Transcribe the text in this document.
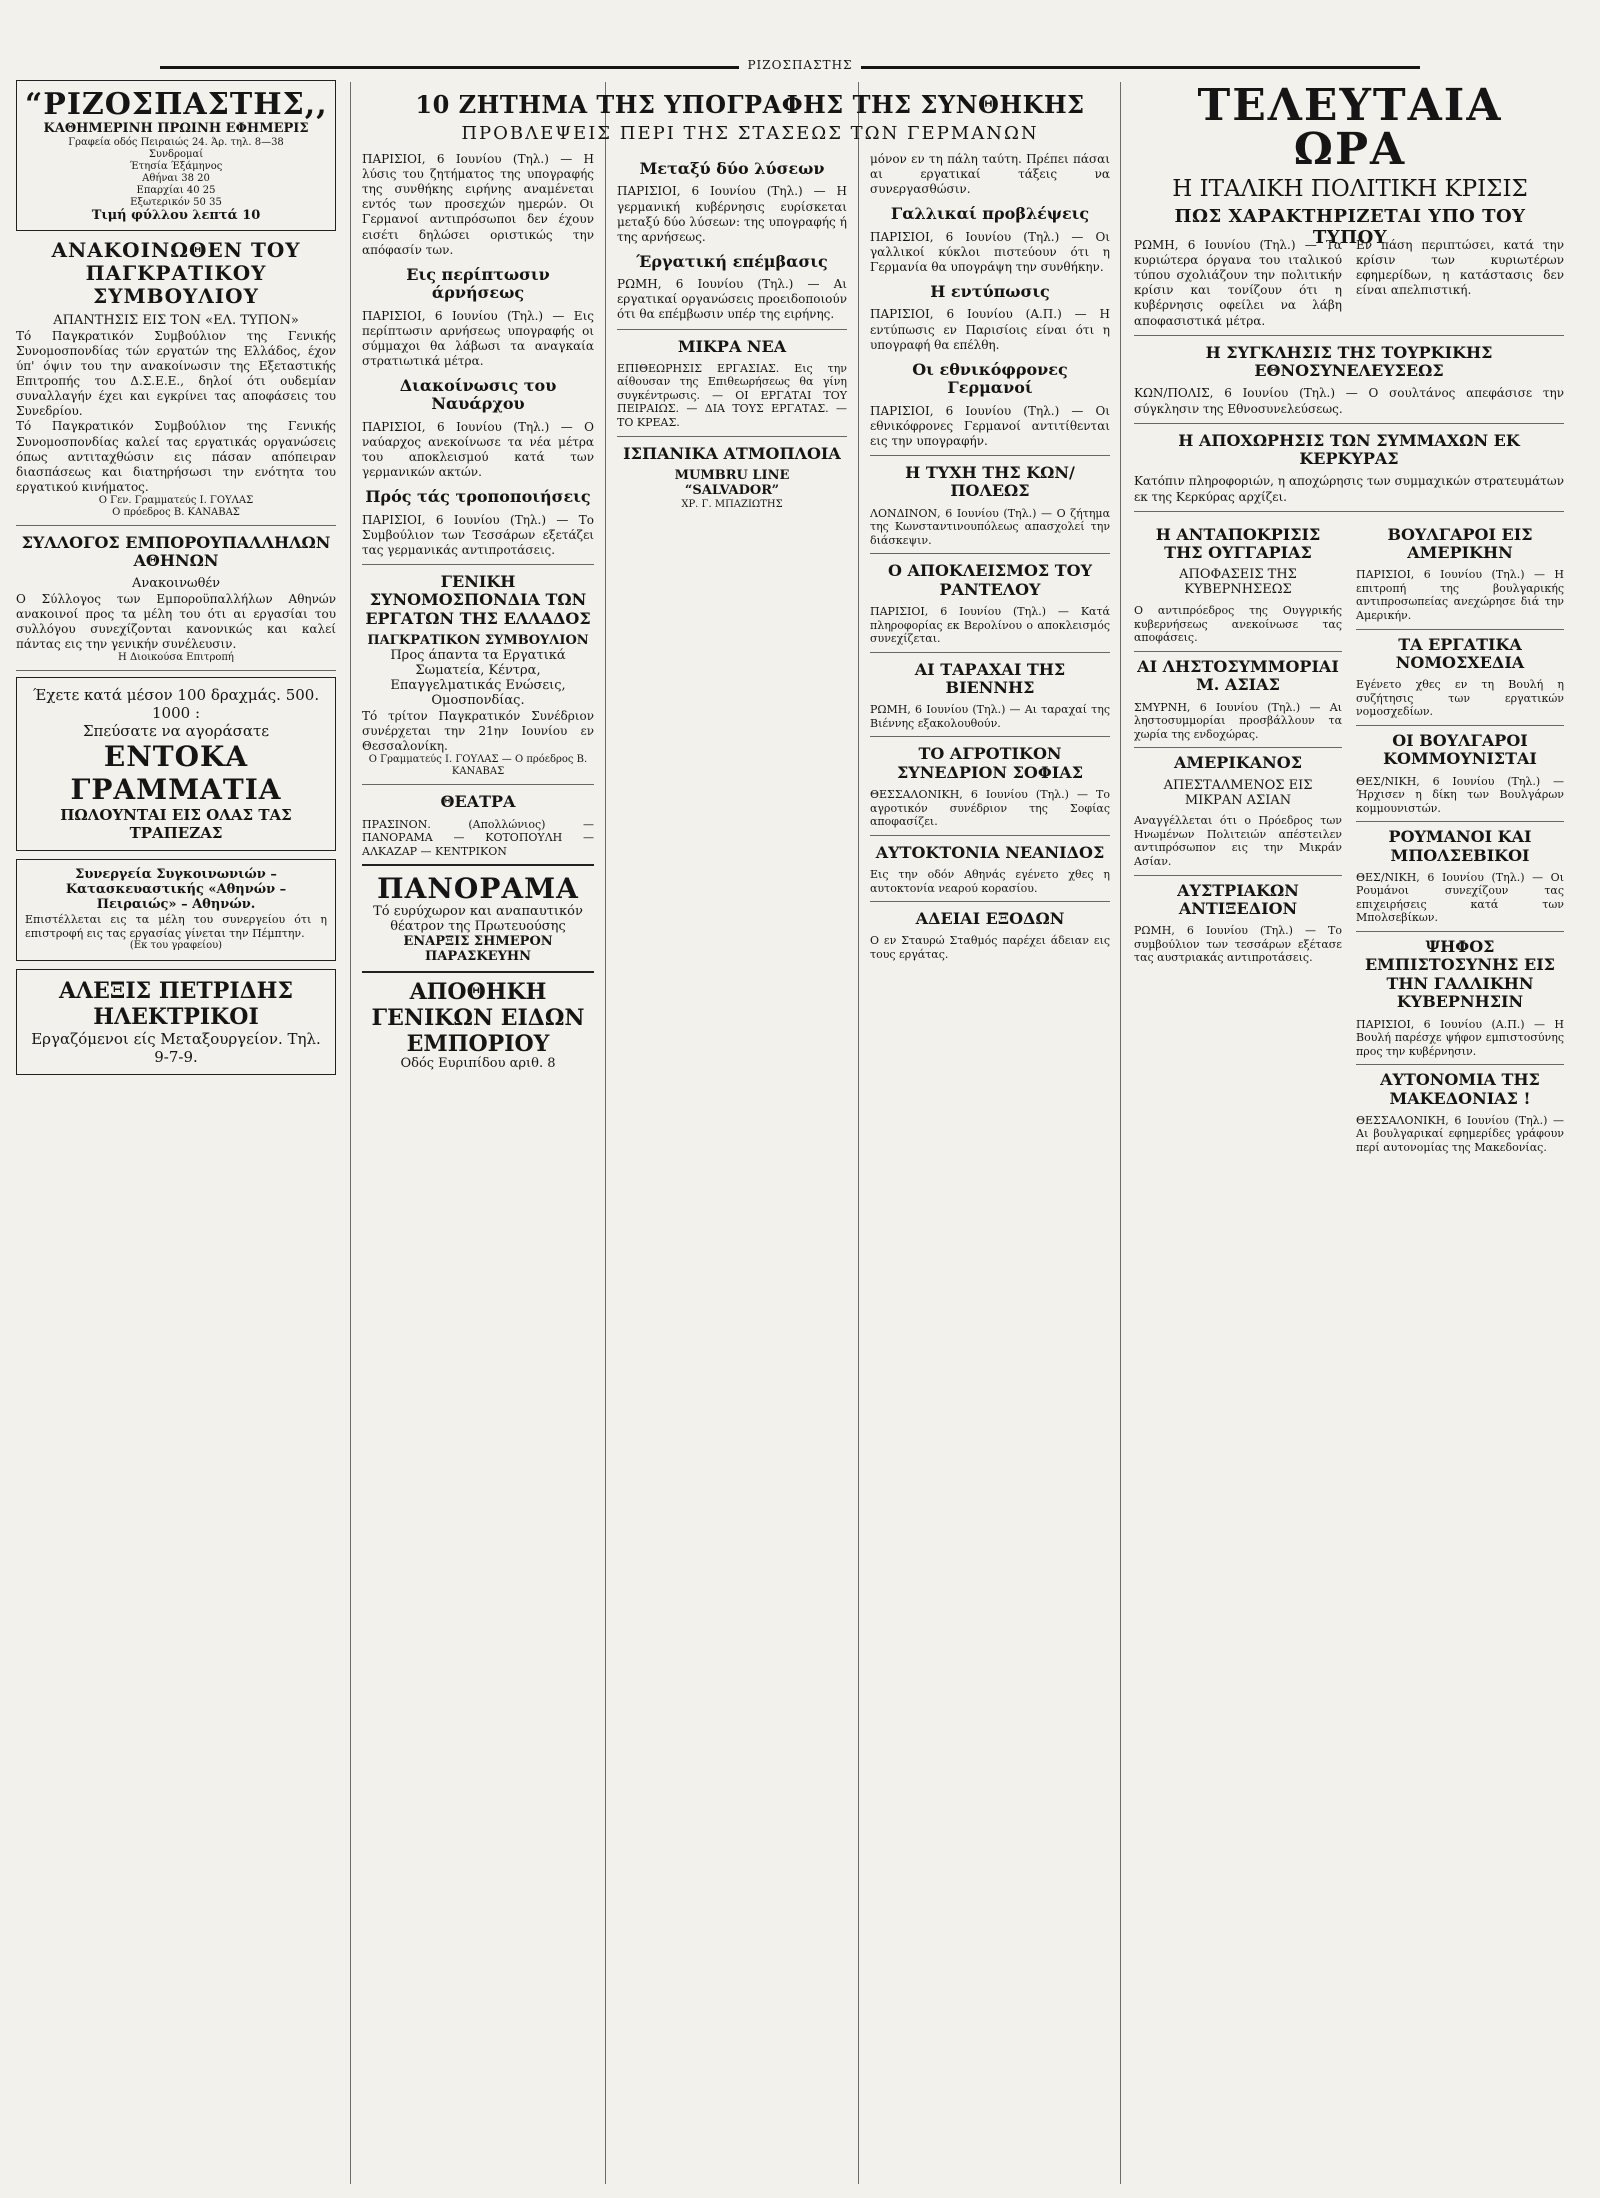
ΡΙΖΟΣΠΑΣΤΗΣ
“ΡΙΖΟΣΠΑΣΤΗΣ,,
ΚΑΘΗΜΕΡΙΝΗ ΠΡΩΙΝΗ ΕΦΗΜΕΡΙΣ
Γραφεία οδός Πειραιώς 24. Άρ. τηλ. 8—38
Συνδρομαί
Έτησία Έξάμηνος
Αθήναι 38 20
Επαρχίαι 40 25
Εξωτερικόν 50 35
Τιμή φύλλου λεπτά 10
ΑΝΑΚΟΙΝΩΘΕΝ ΤΟΥ ΠΑΓΚΡΑΤΙΚΟΥ ΣΥΜΒΟΥΛΙΟΥ
ΑΠΑΝΤΗΣΙΣ ΕΙΣ ΤΟΝ «ΕΛ. ΤΥΠΟΝ»

Τό Παγκρατικόν Συμβούλιον της Γενικής Συνομοσπονδίας τών εργατών της Ελλάδος, έχον ύπ' όψιν του την ανακοίνωσιν της Εξεταστικής Επιτροπής του Δ.Σ.Ε.Ε., δηλοί ότι ουδεμίαν συναλλαγήν έχει και εγκρίνει τας αποφάσεις του Συνεδρίου.

Τό Παγκρατικόν Συμβούλιον της Γενικής Συνομοσπονδίας καλεί τας εργατικάς οργανώσεις όπως αντιταχθώσιν εις πάσαν απόπειραν διασπάσεως και διατηρήσωσι την ενότητα του εργατικού κινήματος.

Ο Γεν. Γραμματεύς Ι. ΓΟΥΛΑΣ
Ο πρόεδρος Β. ΚΑΝΑΒΑΣ
ΣΥΛΛΟΓΟΣ ΕΜΠΟΡΟΥΠΑΛΛΗΛΩΝ ΑΘΗΝΩΝ
Ανακοινωθέν

Ο Σύλλογος των Εμποροϋπαλλήλων Αθηνών ανακοινοί προς τα μέλη του ότι αι εργασίαι του συλλόγου συνεχίζονται κανονικώς και καλεί πάντας εις την γενικήν συνέλευσιν.

Η Διοικούσα Επιτροπή
Έχετε κατά μέσον 100 δραχμάς. 500. 1000 :
Σπεύσατε να αγοράσατε
ΕΝΤΟΚΑ ΓΡΑΜΜΑΤΙΑ
ΠΩΛΟΥΝΤΑΙ ΕΙΣ ΟΛΑΣ ΤΑΣ ΤΡΑΠΕΖΑΣ
Συνεργεία Συγκοινωνιών – Κατασκευαστικής «Αθηνών – Πειραιώς» – Αθηνών.

Επιστέλλεται εις τα μέλη του συνεργείου ότι η επιστροφή εις τας εργασίας γίνεται την Πέμπτην.

(Εκ του γραφείου)
ΑΛΕΞΙΣ ΠΕΤΡΙΔΗΣ ΗΛΕΚΤΡΙΚΟΙ
Εργαζόμενοι είς Μεταξουργείον. Τηλ. 9-7-9.
10 ΖΗΤΗΜΑ ΤΗΣ ΥΠΟΓΡΑΦΗΣ ΤΗΣ ΣΥΝΘΗΚΗΣ
ΠΡΟΒΛΕΨΕΙΣ ΠΕΡΙ ΤΗΣ ΣΤΑΣΕΩΣ ΤΩΝ ΓΕΡΜΑΝΩΝ

ΠΑΡΙΣΙΟΙ, 6 Ιουνίου (Τηλ.) — Η λύσις του ζητήματος της υπογραφής της συνθήκης ειρήνης αναμένεται εντός των προσεχών ημερών. Οι Γερμανοί αντιπρόσωποι δεν έχουν εισέτι δηλώσει οριστικώς την απόφασίν των.

Εις περίπτωσιν άρνήσεως

ΠΑΡΙΣΙΟΙ, 6 Ιουνίου (Τηλ.) — Εις περίπτωσιν αρνήσεως υπογραφής οι σύμμαχοι θα λάβωσι τα αναγκαία στρατιωτικά μέτρα.

Διακοίνωσις του Ναυάρχου

ΠΑΡΙΣΙΟΙ, 6 Ιουνίου (Τηλ.) — Ο ναύαρχος ανεκοίνωσε τα νέα μέτρα του αποκλεισμού κατά των γερμανικών ακτών.

Πρός τάς τροποποιήσεις

ΠΑΡΙΣΙΟΙ, 6 Ιουνίου (Τηλ.) — Το Συμβούλιον των Τεσσάρων εξετάζει τας γερμανικάς αντιπροτάσεις.

ΓΕΝΙΚΗ ΣΥΝΟΜΟΣΠΟΝΔΙΑ ΤΩΝ ΕΡΓΑΤΩΝ ΤΗΣ ΕΛΛΑΔΟΣ
ΠΑΓΚΡΑΤΙΚΟΝ ΣΥΜΒΟΥΛΙΟΝ
Προς άπαντα τα Εργατικά Σωματεία, Κέντρα, Επαγγελματικάς Ενώσεις, Ομοσπονδίας.

Τό τρίτον Παγκρατικόν Συνέδριον συνέρχεται την 21ην Ιουνίου εν Θεσσαλονίκη.

Ο Γραμματεύς Ι. ΓΟΥΛΑΣ — Ο πρόεδρος Β. ΚΑΝΑΒΑΣ
ΘΕΑΤΡΑ

ΠΡΑΣΙΝΟΝ. (Απολλώνιος) — ΠΑΝΟΡΑΜΑ — ΚΟΤΟΠΟΥΛΗ — ΑΛΚΑΖΑΡ — ΚΕΝΤΡΙΚΟΝ

ΠΑΝΟΡΑΜΑ
Τό ευρύχωρον και αναπαυτικόν θέατρον της Πρωτευούσης
ΕΝΑΡΞΙΣ ΣΗΜΕΡΟΝ ΠΑΡΑΣΚΕΥΗΝ
ΑΠΟΘΗΚΗ ΓΕΝΙΚΩΝ ΕΙΔΩΝ ΕΜΠΟΡΙΟΥ
Οδός Ευριπίδου αριθ. 8
Μεταξύ δύο λύσεων

ΠΑΡΙΣΙΟΙ, 6 Ιουνίου (Τηλ.) — Η γερμανική κυβέρνησις ευρίσκεται μεταξύ δύο λύσεων: της υπογραφής ή της αρνήσεως.

Έργατική επέμβασις

ΡΩΜΗ, 6 Ιουνίου (Τηλ.) — Αι εργατικαί οργανώσεις προειδοποιούν ότι θα επέμβωσιν υπέρ της ειρήνης.

ΜΙΚΡΑ ΝΕΑ

ΕΠΙΘΕΩΡΗΣΙΣ ΕΡΓΑΣΙΑΣ. Εις την αίθουσαν της Επιθεωρήσεως θα γίνη συγκέντρωσις. — ΟΙ ΕΡΓΑΤΑΙ ΤΟΥ ΠΕΙΡΑΙΩΣ. — ΔΙΑ ΤΟΥΣ ΕΡΓΑΤΑΣ. — ΤΟ ΚΡΕΑΣ.

ΙΣΠΑΝΙΚΑ ΑΤΜΟΠΛΟΙΑ
MUMBRU LINE
“SALVADOR”
ΧΡ. Γ. ΜΠΑΖΙΩΤΗΣ

μόνον εν τη πάλη ταύτη. Πρέπει πάσαι αι εργατικαί τάξεις να συνεργασθώσιν.

Γαλλικαί προβλέψεις

ΠΑΡΙΣΙΟΙ, 6 Ιουνίου (Τηλ.) — Οι γαλλικοί κύκλοι πιστεύουν ότι η Γερμανία θα υπογράψη την συνθήκην.

Η εντύπωσις

ΠΑΡΙΣΙΟΙ, 6 Ιουνίου (Α.Π.) — Η εντύπωσις εν Παρισίοις είναι ότι η υπογραφή θα επέλθη.

Οι εθνικόφρονες Γερμανοί

ΠΑΡΙΣΙΟΙ, 6 Ιουνίου (Τηλ.) — Οι εθνικόφρονες Γερμανοί αντιτίθενται εις την υπογραφήν.

Η ΤΥΧΗ ΤΗΣ ΚΩΝ/ΠΟΛΕΩΣ

ΛΟΝΔΙΝΟΝ, 6 Ιουνίου (Τηλ.) — Ο ζήτημα της Κωνσταντινουπόλεως απασχολεί την διάσκεψιν.

Ο ΑΠΟΚΛΕΙΣΜΟΣ ΤΟΥ ΡΑΝΤΕΛΟΥ

ΠΑΡΙΣΙΟΙ, 6 Ιουνίου (Τηλ.) — Κατά πληροφορίας εκ Βερολίνου ο αποκλεισμός συνεχίζεται.

ΑΙ ΤΑΡΑΧΑΙ ΤΗΣ ΒΙΕΝΝΗΣ

ΡΩΜΗ, 6 Ιουνίου (Τηλ.) — Αι ταραχαί της Βιέννης εξακολουθούν.

ΤΟ ΑΓΡΟΤΙΚΟΝ ΣΥΝΕΔΡΙΟΝ ΣΟΦΙΑΣ

ΘΕΣΣΑΛΟΝΙΚΗ, 6 Ιουνίου (Τηλ.) — Το αγροτικόν συνέδριον της Σοφίας αποφασίζει.

ΑΥΤΟΚΤΟΝΙΑ ΝΕΑΝΙΔΟΣ

Εις την οδόν Αθηνάς εγένετο χθες η αυτοκτονία νεαρού κορασίου.

ΑΔΕΙΑΙ ΕΞΟΔΩΝ

Ο εν Σταυρώ Σταθμός παρέχει άδειαν εις τους εργάτας.

ΤΕΛΕΥΤΑΙΑ ΩΡΑ
Η ΙΤΑΛΙΚΗ ΠΟΛΙΤΙΚΗ ΚΡΙΣΙΣ
ΠΩΣ ΧΑΡΑΚΤΗΡΙΖΕΤΑΙ ΥΠΟ ΤΟΥ ΤΥΠΟΥ

ΡΩΜΗ, 6 Ιουνίου (Τηλ.) — Τα κυριώτερα όργανα του ιταλικού τύπου σχολιάζουν την πολιτικήν κρίσιν και τονίζουν ότι η κυβέρνησις οφείλει να λάβη αποφασιστικά μέτρα.

Εν πάση περιπτώσει, κατά την κρίσιν των κυριωτέρων εφημερίδων, η κατάστασις δεν είναι απελπιστική.

Η ΣΥΓΚΛΗΣΙΣ ΤΗΣ ΤΟΥΡΚΙΚΗΣ ΕΘΝΟΣΥΝΕΛΕΥΣΕΩΣ

ΚΩΝ/ΠΟΛΙΣ, 6 Ιουνίου (Τηλ.) — Ο σουλτάνος απεφάσισε την σύγκλησιν της Εθνοσυνελεύσεως.

Η ΑΠΟΧΩΡΗΣΙΣ ΤΩΝ ΣΥΜΜΑΧΩΝ ΕΚ ΚΕΡΚΥΡΑΣ

Κατόπιν πληροφοριών, η αποχώρησις των συμμαχικών στρατευμάτων εκ της Κερκύρας αρχίζει.

Η ΑΝΤΑΠΟΚΡΙΣΙΣ ΤΗΣ ΟΥΓΓΑΡΙΑΣ
ΑΠΟΦΑΣΕΙΣ ΤΗΣ ΚΥΒΕΡΝΗΣΕΩΣ

Ο αντιπρόεδρος της Ουγγρικής κυβερνήσεως ανεκοίνωσε τας αποφάσεις.

ΑΙ ΛΗΣΤΟΣΥΜΜΟΡΙΑΙ Μ. ΑΣΙΑΣ

ΣΜΥΡΝΗ, 6 Ιουνίου (Τηλ.) — Αι ληστοσυμμορίαι προσβάλλουν τα χωρία της ενδοχώρας.

ΑΜΕΡΙΚΑΝΟΣ
ΑΠΕΣΤΑΛΜΕΝΟΣ ΕΙΣ ΜΙΚΡΑΝ ΑΣΙΑΝ

Αναγγέλλεται ότι ο Πρόεδρος των Ηνωμένων Πολιτειών απέστειλεν αντιπρόσωπον εις την Μικράν Ασίαν.

ΑΥΣΤΡΙΑΚΩΝ ΑΝΤΙΞΕΔΙΟΝ

ΡΩΜΗ, 6 Ιουνίου (Τηλ.) — Το συμβούλιον των τεσσάρων εξέτασε τας αυστριακάς αντιπροτάσεις.

ΒΟΥΛΓΑΡΟΙ ΕΙΣ ΑΜΕΡΙΚΗΝ

ΠΑΡΙΣΙΟΙ, 6 Ιουνίου (Τηλ.) — Η επιτροπή της βουλγαρικής αντιπροσωπείας ανεχώρησε διά την Αμερικήν.

ΤΑ ΕΡΓΑΤΙΚΑ ΝΟΜΟΣΧΕΔΙΑ

Εγένετο χθες εν τη Βουλή η συζήτησις των εργατικών νομοσχεδίων.

ΟΙ ΒΟΥΛΓΑΡΟΙ ΚΟΜΜΟΥΝΙΣΤΑΙ

ΘΕΣ/ΝΙΚΗ, 6 Ιουνίου (Τηλ.) — Ήρχισεν η δίκη των Βουλγάρων κομμουνιστών.

ΡΟΥΜΑΝΟΙ ΚΑΙ ΜΠΟΛΣΕΒΙΚΟΙ

ΘΕΣ/ΝΙΚΗ, 6 Ιουνίου (Τηλ.) — Οι Ρουμάνοι συνεχίζουν τας επιχειρήσεις κατά των Μπολσεβίκων.

ΨΗΦΟΣ ΕΜΠΙΣΤΟΣΥΝΗΣ ΕΙΣ ΤΗΝ ΓΑΛΛΙΚΗΝ ΚΥΒΕΡΝΗΣΙΝ

ΠΑΡΙΣΙΟΙ, 6 Ιουνίου (Α.Π.) — Η Βουλή παρέσχε ψήφον εμπιστοσύνης προς την κυβέρνησιν.

ΑΥΤΟΝΟΜΙΑ ΤΗΣ ΜΑΚΕΔΟΝΙΑΣ !

ΘΕΣΣΑΛΟΝΙΚΗ, 6 Ιουνίου (Τηλ.) — Αι βουλγαρικαί εφημερίδες γράφουν περί αυτονομίας της Μακεδονίας.
